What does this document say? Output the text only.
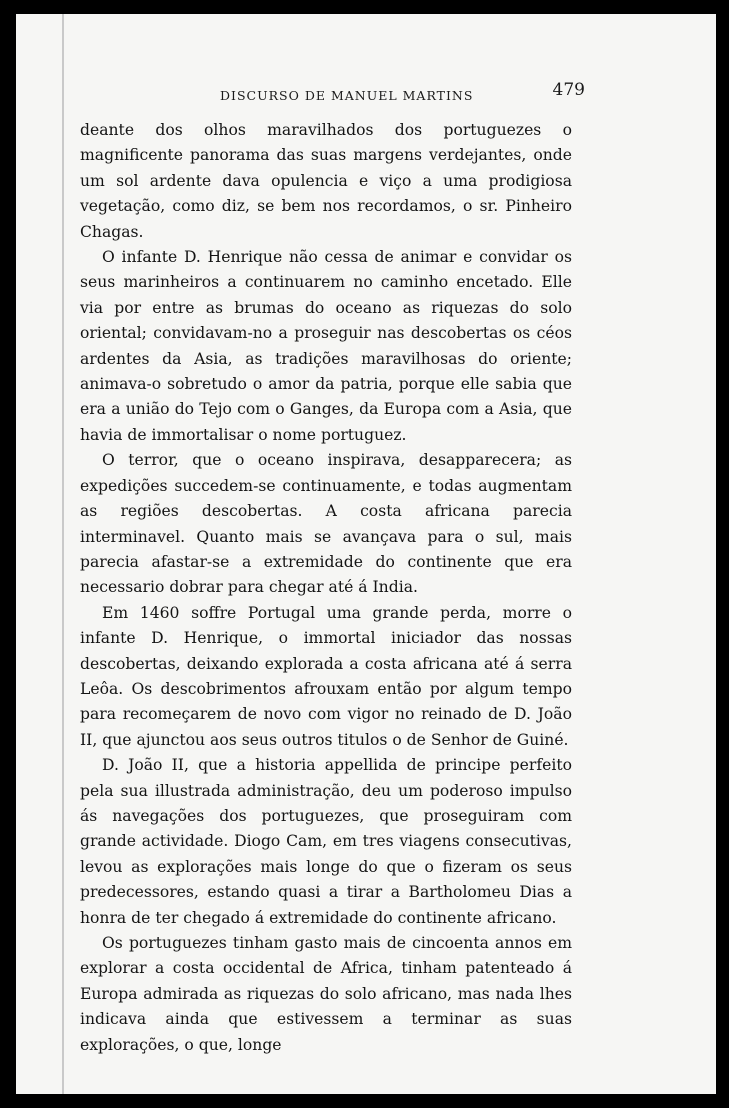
DISCURSO DE MANUEL MARTINS	479

deante dos olhos maravilhados dos portuguezes o magnificente panorama das suas margens verdejantes, onde um sol ardente dava opulencia e viço a uma prodigiosa vegetação, como diz, se bem nos recordamos, o sr. Pinheiro Chagas.

O infante D. Henrique não cessa de animar e convidar os seus marinheiros a continuarem no caminho encetado. Elle via por entre as brumas do oceano as riquezas do solo oriental; convidavam-no a proseguir nas descobertas os céos ardentes da Asia, as tradições maravilhosas do oriente; animava-o sobretudo o amor da patria, porque elle sabia que era a união do Tejo com o Ganges, da Europa com a Asia, que havia de immortalisar o nome portuguez.

O terror, que o oceano inspirava, desapparecera; as expedições succedem-se continuamente, e todas augmentam as regiões descobertas. A costa africana parecia interminavel. Quanto mais se avançava para o sul, mais parecia afastar-se a extremidade do continente que era necessario dobrar para chegar até á India.

Em 1460 soffre Portugal uma grande perda, morre o infante D. Henrique, o immortal iniciador das nossas descobertas, deixando explorada a costa africana até á serra Leôa. Os descobrimentos afrouxam então por algum tempo para recomeçarem de novo com vigor no reinado de D. João II, que ajunctou aos seus outros titulos o de Senhor de Guiné.

D. João II, que a historia appellida de principe perfeito pela sua illustrada administração, deu um poderoso impulso ás navegações dos portuguezes, que proseguiram com grande actividade. Diogo Cam, em tres viagens consecutivas, levou as explorações mais longe do que o fizeram os seus predecessores, estando quasi a tirar a Bartholomeu Dias a honra de ter chegado á extremidade do continente africano.

Os portuguezes tinham gasto mais de cincoenta annos em explorar a costa occidental de Africa, tinham patenteado á Europa admirada as riquezas do solo africano, mas nada lhes indicava ainda que estivessem a terminar as suas explorações, o que, longe
